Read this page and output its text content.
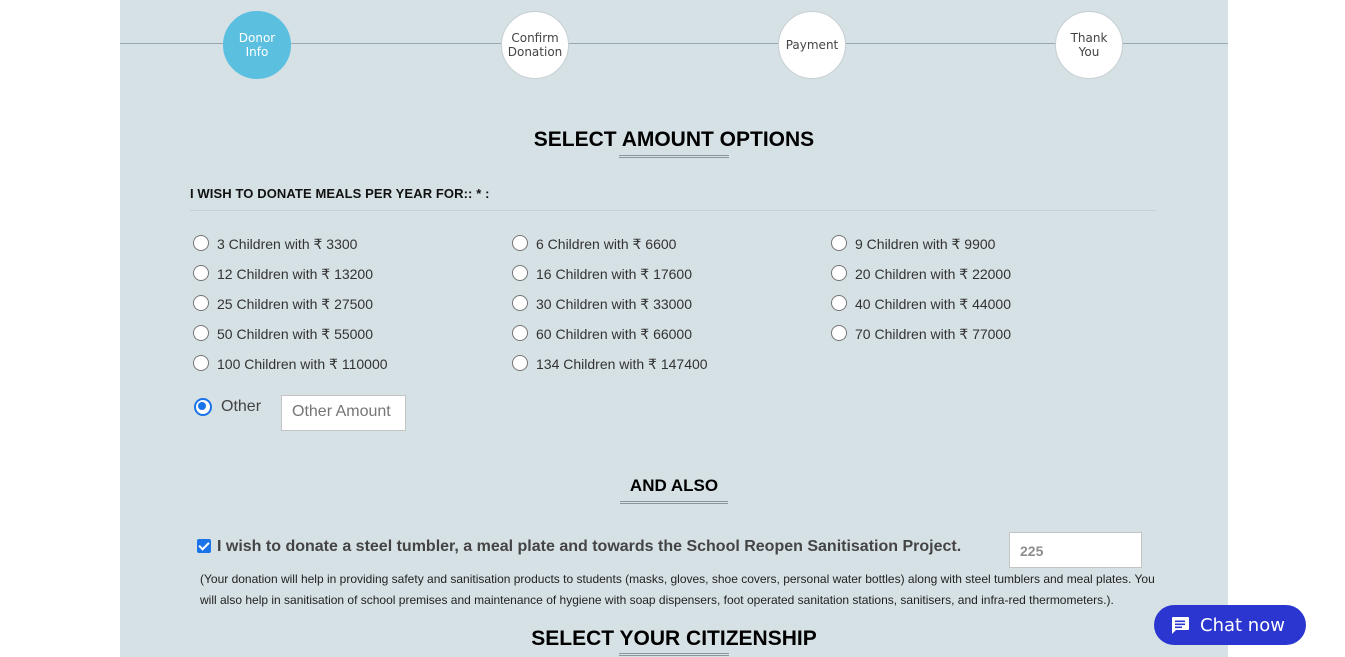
Donor Info
Confirm Donation	Payment	Thank You
SELECT AMOUNT OPTIONS
I WISH TO DONATE MEALS PER YEAR FOR:: * :
3 Children with ₹ 3300	6 Children with ₹ 6600	9 Children with ₹ 9900
12 Children with ₹ 13200	16 Children with ₹ 17600	20 Children with ₹ 22000
25 Children with ₹ 27500	30 Children with ₹ 33000	40 Children with ₹ 44000
50 Children with ₹ 55000	60 Children with ₹ 66000	70 Children with ₹ 77000
100 Children with ₹ 110000	134 Children with ₹ 147400
Other	Other Amount
AND ALSO
I wish to donate a steel tumbler, a meal plate and towards the School Reopen Sanitisation Project.	225
(Your donation will help in providing safety and sanitisation products to students (masks, gloves, shoe covers, personal water bottles) along with steel tumblers and meal plates. You will also help in sanitisation of school premises and maintenance of hygiene with soap dispensers, foot operated sanitation stations, sanitisers, and infra-red thermometers.).
SELECT YOUR CITIZENSHIP
Chat now
